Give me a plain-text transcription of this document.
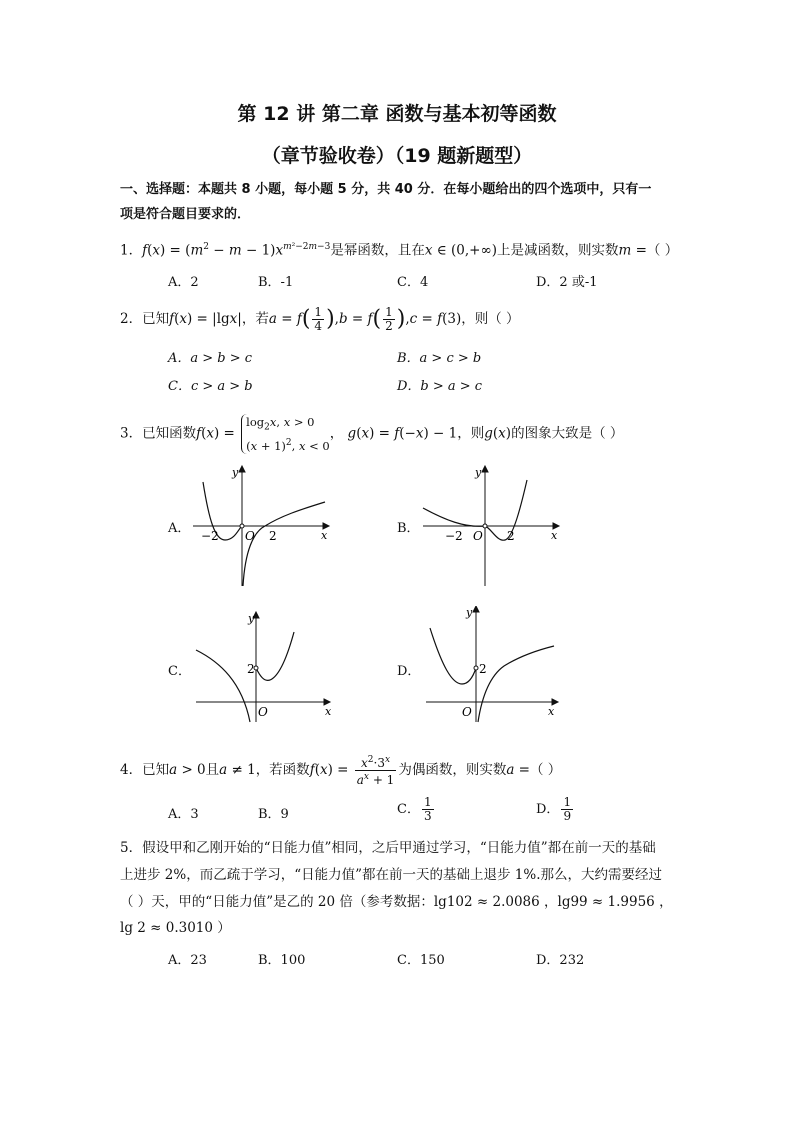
第 12 讲 第二章 函数与基本初等函数
（章节验收卷）（19 题新题型）
一、选择题：本题共 8 小题，每小题 5 分，共 40 分．在每小题给出的四个选项中，只有一
项是符合题目要求的．
1．$f(x) = (m^2 - m - 1)x^{m^2-2m-3}$是幂函数，且在x ∈ (0,+∞)上是减函数，则实数m =（ ）
A．2	B．-1	C．4	D．2 或-1
2．已知f(x) = |lgx|，若$a = f( \frac{1}{4} ),b = f( \frac{1}{2} ),c = f(3)$，则（ ）
A．a > b > c	B．a > c > b
C．c > a > b	D．b > a > c
3．已知函数$f(x) = \log_2x$, x > 0
$(x + 1)^2$, x < 0， g(x) = f(−x) − 1，则g(x)的图象大致是（ ）
A．	B．
C．	D．
−2 O 2	x
y
−2 O 2	x
y
2
O	x
y
2
O	x
y
4．已知a > 0且a ≠ 1，若函数$f(x) = \frac{x^2\cdot 3^x}{a^x + 1}$ 为偶函数，则实数a =（ ）
A．3	B．9	C． $\frac{1}{3}$	D． $\frac{1}{9}$
5．假设甲和乙刚开始的“日能力值”相同，之后甲通过学习，“日能力值”都在前一天的基础
上进步 2%，而乙疏于学习，“日能力值”都在前一天的基础上退步 1%.那么，大约需要经过
（ ）天，甲的“日能力值”是乙的 20 倍（参考数据：lg102 ≈ 2.0086 ，lg99 ≈ 1.9956 ，
lg 2 ≈ 0.3010 ）
A．23	B．100	C．150	D．232
